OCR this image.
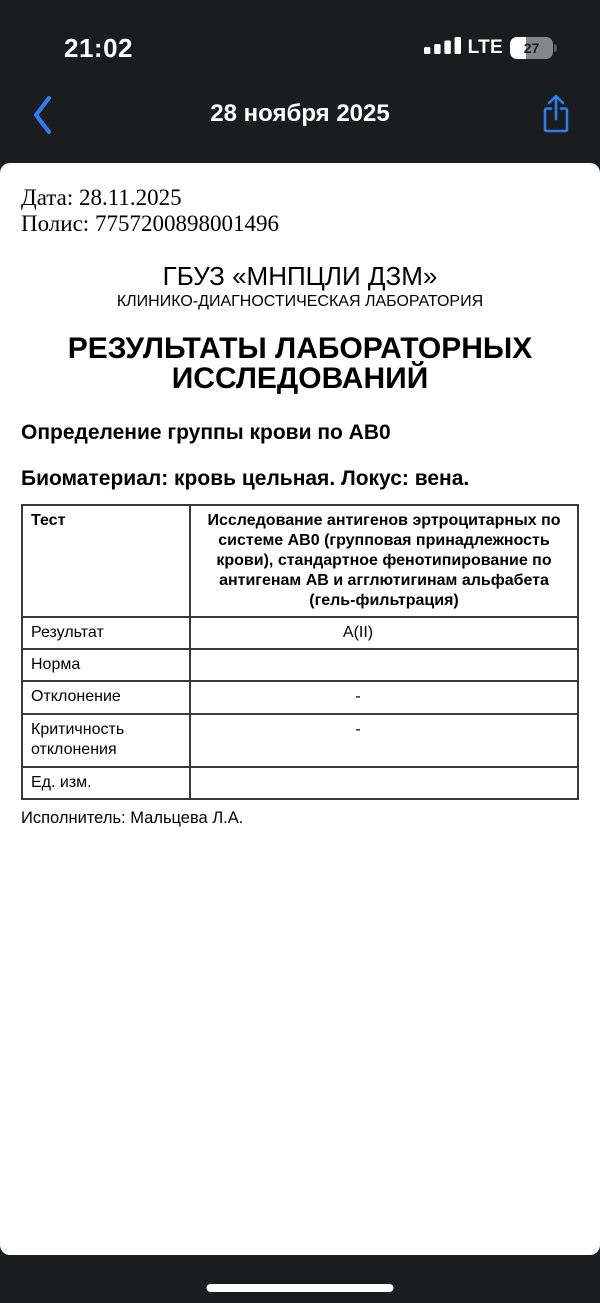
21:02	LTE	27
28 ноября 2025
Дата: 28.11.2025
Полис: 7757200898001496
ГБУЗ «МНПЦЛИ ДЗМ»
КЛИНИКО-ДИАГНОСТИЧЕСКАЯ ЛАБОРАТОРИЯ
РЕЗУЛЬТАТЫ ЛАБОРАТОРНЫХ ИССЛЕДОВАНИЙ
Определение группы крови по АВ0
Биоматериал: кровь цельная. Локус: вена.
Тест	Исследование антигенов эртроцитарных по системе АВ0 (групповая принадлежность крови), стандартное фенотипирование по антигенам АВ и агглютигинам альфабета (гель-фильтрация)
Результат	А(II)
Норма	
Отклонение	-
Критичность отклонения	-
Ед. изм.	
Исполнитель: Мальцева Л.А.
